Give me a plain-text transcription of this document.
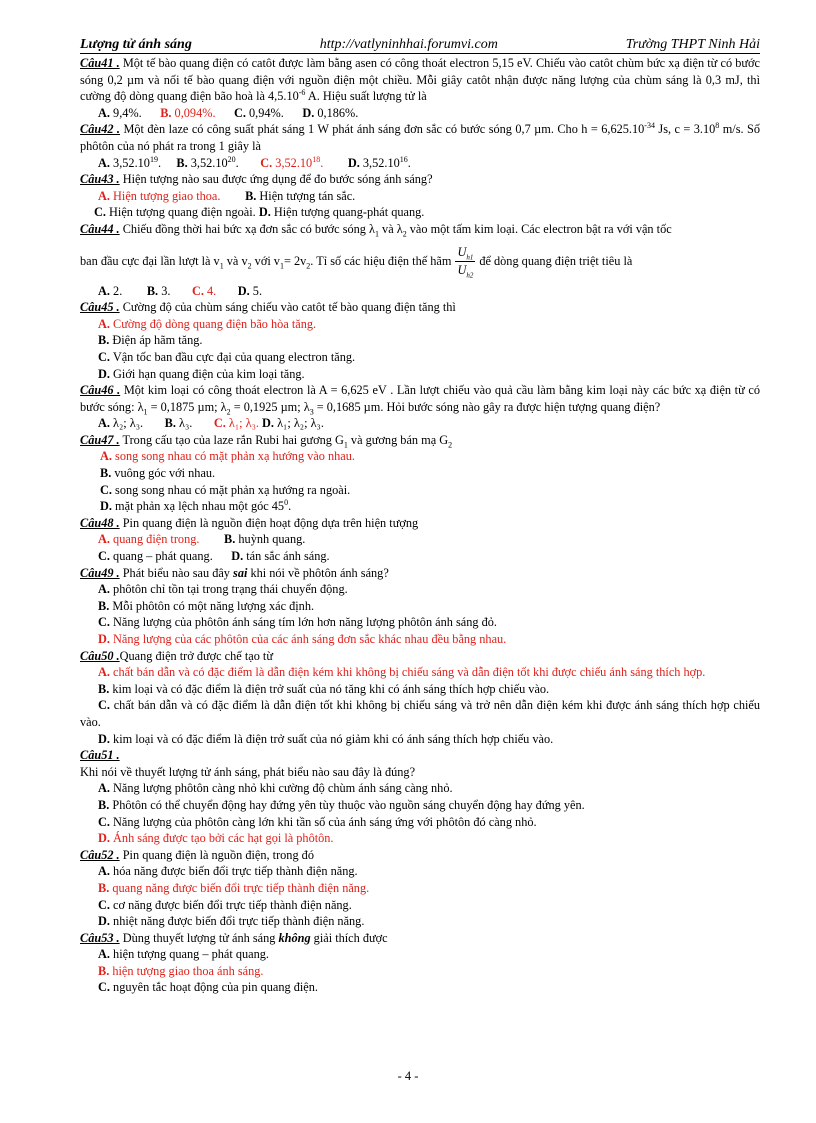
Lượng tử ánh sáng	http://vatlyninhhai.forumvi.com	Trường THPT Ninh Hải
Câu41 . Một tế bào quang điện có catôt được làm bằng asen có công thoát electron 5,15 eV. Chiếu vào catôt chùm bức xạ điện từ có bước sóng 0,2 µm và nối tế bào quang điện với nguồn điện một chiều. Mỗi giây catôt nhận được năng lượng của chùm sáng là 0,3 mJ, thì cường độ dòng quang điện bão hoà là $4,5.10^{-6}$ A. Hiệu suất lượng tử là
A. 9,4%. B. 0,094%. C. 0,94%. D. 0,186%.
Câu42 . Một đèn laze có công suất phát sáng 1 W phát ánh sáng đơn sắc có bước sóng 0,7 µm. Cho $h = 6,625.10^{-34}$ Js, $c = 3.10^8$ m/s. Số phôtôn của nó phát ra trong 1 giây là
A. 3,52.10$^{19}$. B. 3,52.10$^{20}$. C. 3,52.10$^{18}$. D. 3,52.10$^{16}$.
Câu43 . Hiện tượng nào sau được ứng dụng để đo bước sóng ánh sáng?
A. Hiện tượng giao thoa. B. Hiện tượng tán sắc.
C. Hiện tượng quang điện ngoài. D. Hiện tượng quang-phát quang.
Câu44 . Chiếu đồng thời hai bức xạ đơn sắc có bước sóng $\lambda_1$ và $\lambda_2$ vào một tấm kim loại. Các electron bật ra với vận tốc
ban đầu cực đại lần lượt là $v_1$ và $v_2$ với $v_1= 2v_2$. Tỉ số các hiệu điện thế hãm $\frac{U_{h1}}{U_{h2}}$ để dòng quang điện triệt tiêu là
A. 2. B. 3. C. 4. D. 5.
Câu45 . Cường độ của chùm sáng chiếu vào catôt tế bào quang điện tăng thì
A. Cường độ dòng quang điện bão hòa tăng.
B. Điện áp hãm tăng.
C. Vận tốc ban đầu cực đại của quang electron tăng.
D. Giới hạn quang điện của kim loại tăng.
Câu46 . Một kim loại có công thoát electron là A = 6,625 eV . Lần lượt chiếu vào quả cầu làm bằng kim loại này các bức xạ điện từ có bước sóng: $\lambda_1 = 0,1875$ µm; $\lambda_2 = 0,1925$ µm; $\lambda_3 = 0,1685$ µm. Hỏi bước sóng nào gây ra được hiện tượng quang điện?
A. λ₂; λ₃. B. λ₃. C. λ₁; λ₃. D. λ₁; λ₂; λ₃.
Câu47 . Trong cấu tạo của laze rắn Rubi hai gương $G_1$ và gương bán mạ $G_2$
A. song song nhau có mặt phản xạ hướng vào nhau.
B. vuông góc với nhau.
C. song song nhau có mặt phản xạ hướng ra ngoài.
D. mặt phản xạ lệch nhau một góc $45^0$.
Câu48 . Pin quang điện là nguồn điện hoạt động dựa trên hiện tượng
A. quang điện trong. B. huỳnh quang.
C. quang – phát quang. D. tán sắc ánh sáng.
Câu49 . Phát biểu nào sau đây sai khi nói về phôtôn ánh sáng?
A. phôtôn chỉ tồn tại trong trạng thái chuyển động.
B. Mỗi phôtôn có một năng lượng xác định.
C. Năng lượng của phôtôn ánh sáng tím lớn hơn năng lượng phôtôn ánh sáng đỏ.
D. Năng lượng của các phôtôn của các ánh sáng đơn sắc khác nhau đều bằng nhau.
Câu50 .Quang điện trở được chế tạo từ
A. chất bán dẫn và có đặc điểm là dẫn điện kém khi không bị chiếu sáng và dẫn điện tốt khi được chiếu ánh sáng thích hợp.
B. kim loại và có đặc điểm là điện trở suất của nó tăng khi có ánh sáng thích hợp chiếu vào.
C. chất bán dẫn và có đặc điểm là dẫn điện tốt khi không bị chiếu sáng và trở nên dẫn điện kém khi được ánh sáng thích hợp chiếu vào.
D. kim loại và có đặc điểm là điện trở suất của nó giảm khi có ánh sáng thích hợp chiếu vào.
Câu51 .
Khi nói về thuyết lượng tử ánh sáng, phát biểu nào sau đây là đúng?
A. Năng lượng phôtôn càng nhỏ khi cường độ chùm ánh sáng càng nhỏ.
B. Phôtôn có thể chuyển động hay đứng yên tùy thuộc vào nguồn sáng chuyển động hay đứng yên.
C. Năng lượng của phôtôn càng lớn khi tần số của ánh sáng ứng với phôtôn đó càng nhỏ.
D. Ánh sáng được tạo bởi các hạt gọi là phôtôn.
Câu52 . Pin quang điện là nguồn điện, trong đó
A. hóa năng được biến đổi trực tiếp thành điện năng.
B. quang năng được biến đổi trực tiếp thành điện năng.
C. cơ năng được biến đổi trực tiếp thành điện năng.
D. nhiệt năng được biến đổi trực tiếp thành điện năng.
Câu53 . Dùng thuyết lượng tử ánh sáng không giải thích được
A. hiện tượng quang – phát quang.
B. hiện tượng giao thoa ánh sáng.
C. nguyên tắc hoạt động của pin quang điện.
- 4 -
